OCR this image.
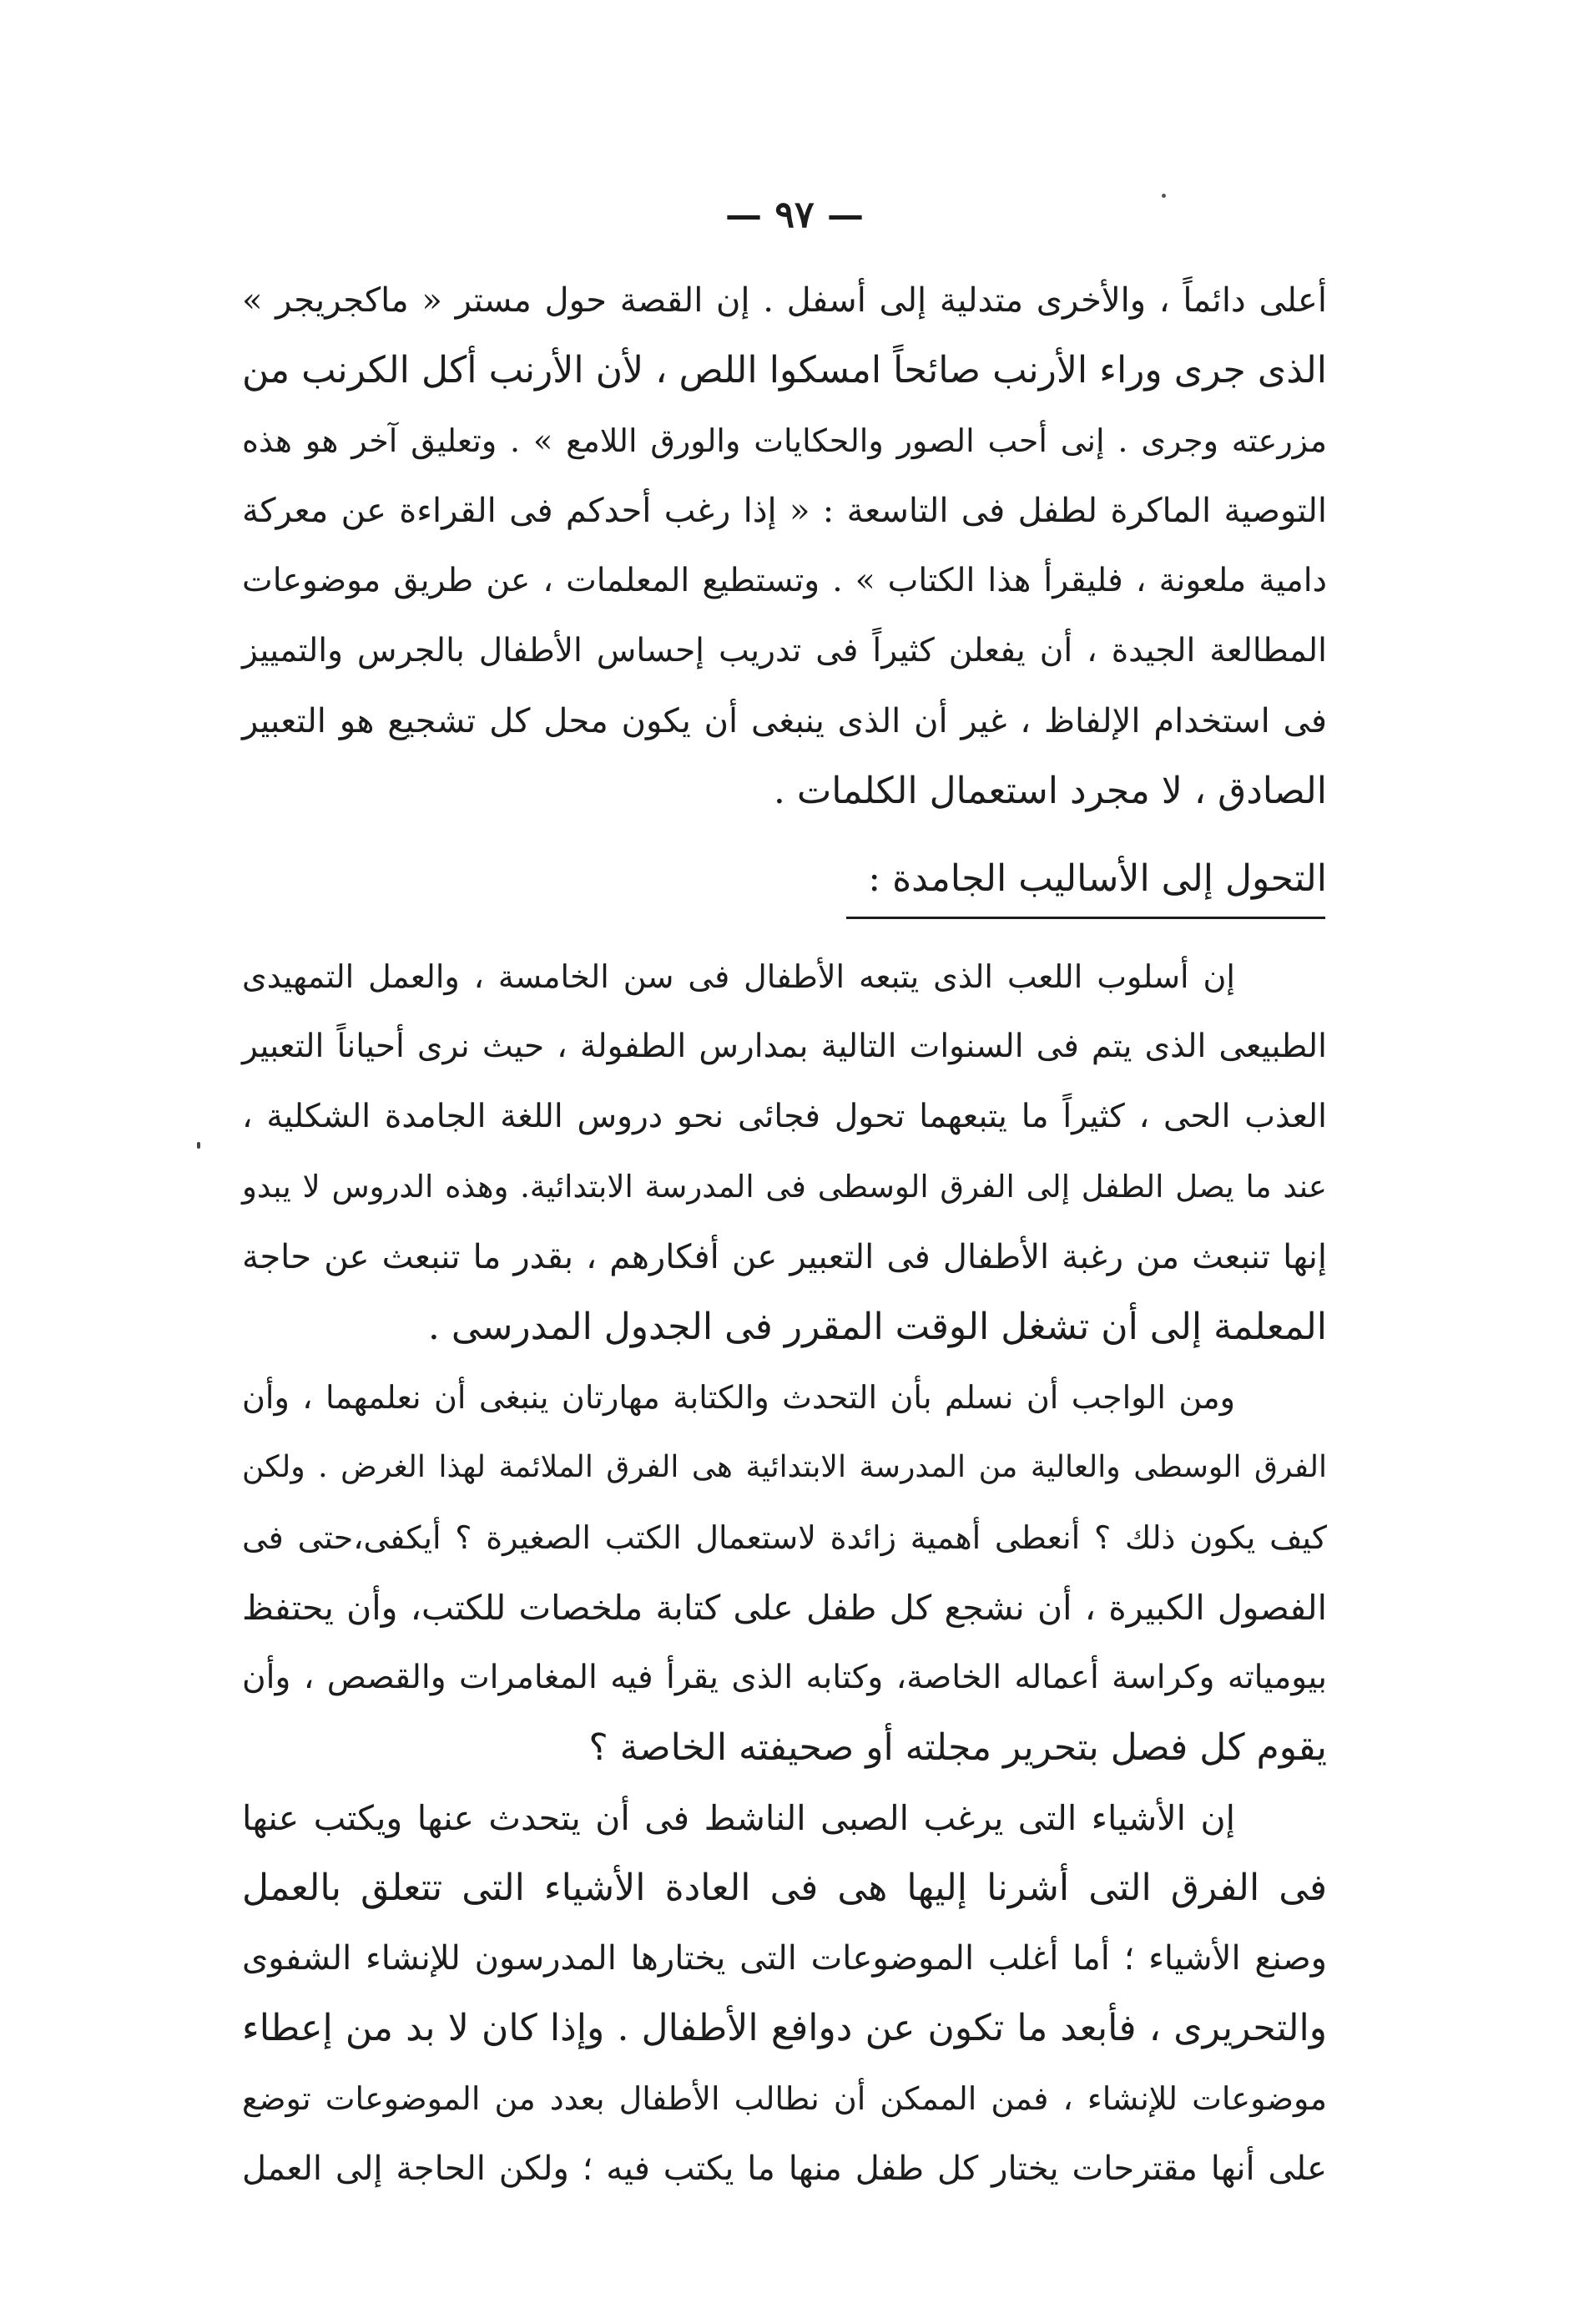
— ٩٧ —
أعلى دائماً ، والأخرى متدلية إلى أسفل . إن القصة حول مستر « ماكجريجر »
الذى جرى وراء الأرنب صائحاً امسكوا اللص ، لأن الأرنب أكل الكرنب من
مزرعته وجرى . إنى أحب الصور والحكايات والورق اللامع » . وتعليق آخر هو هذه
التوصية الماكرة لطفل فى التاسعة : « إذا رغب أحدكم فى القراءة عن معركة
دامية ملعونة ، فليقرأ هذا الكتاب » . وتستطيع المعلمات ، عن طريق موضوعات
المطالعة الجيدة ، أن يفعلن كثيراً فى تدريب إحساس الأطفال بالجرس والتمييز
فى استخدام الإلفاظ ، غير أن الذى ينبغى أن يكون محل كل تشجيع هو التعبير
الصادق ، لا مجرد استعمال الكلمات .
التحول إلى الأساليب الجامدة :
إن أسلوب اللعب الذى يتبعه الأطفال فى سن الخامسة ، والعمل التمهيدى
الطبيعى الذى يتم فى السنوات التالية بمدارس الطفولة ، حيث نرى أحياناً التعبير
العذب الحى ، كثيراً ما يتبعهما تحول فجائى نحو دروس اللغة الجامدة الشكلية ،
عند ما يصل الطفل إلى الفرق الوسطى فى المدرسة الابتدائية. وهذه الدروس لا يبدو
إنها تنبعث من رغبة الأطفال فى التعبير عن أفكارهم ، بقدر ما تنبعث عن حاجة
المعلمة إلى أن تشغل الوقت المقرر فى الجدول المدرسى .
ومن الواجب أن نسلم بأن التحدث والكتابة مهارتان ينبغى أن نعلمهما ، وأن
الفرق الوسطى والعالية من المدرسة الابتدائية هى الفرق الملائمة لهذا الغرض . ولكن
كيف يكون ذلك ؟ أنعطى أهمية زائدة لاستعمال الكتب الصغيرة ؟ أيكفى،حتى فى
الفصول الكبيرة ، أن نشجع كل طفل على كتابة ملخصات للكتب، وأن يحتفظ
بيومياته وكراسة أعماله الخاصة، وكتابه الذى يقرأ فيه المغامرات والقصص ، وأن
يقوم كل فصل بتحرير مجلته أو صحيفته الخاصة ؟
إن الأشياء التى يرغب الصبى الناشط فى أن يتحدث عنها ويكتب عنها
فى الفرق التى أشرنا إليها هى فى العادة الأشياء التى تتعلق بالعمل
وصنع الأشياء ؛ أما أغلب الموضوعات التى يختارها المدرسون للإنشاء الشفوى
والتحريرى ، فأبعد ما تكون عن دوافع الأطفال . وإذا كان لا بد من إعطاء
موضوعات للإنشاء ، فمن الممكن أن نطالب الأطفال بعدد من الموضوعات توضع
على أنها مقترحات يختار كل طفل منها ما يكتب فيه ؛ ولكن الحاجة إلى العمل
